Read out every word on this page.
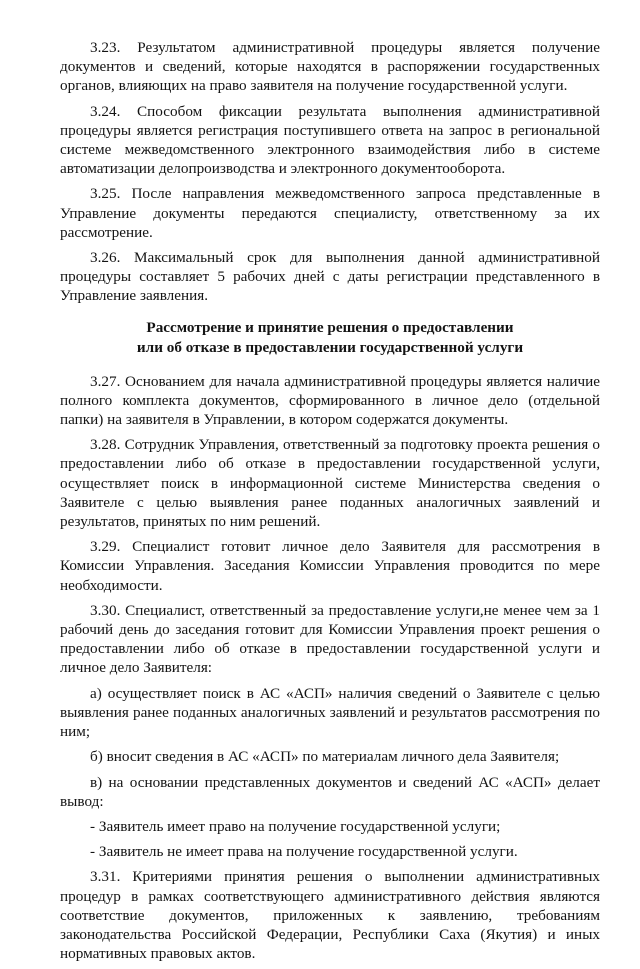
3.23. Результатом административной процедуры является получение документов и сведений, которые находятся в распоряжении государственных органов, влияющих на право заявителя на получение государственной услуги.

3.24. Способом фиксации результата выполнения административной процедуры является регистрация поступившего ответа на запрос в региональной системе межведомственного электронного взаимодействия либо в системе автоматизации делопроизводства и электронного документооборота.

3.25. После направления межведомственного запроса представленные в Управление документы передаются специалисту, ответственному за их рассмотрение.

3.26. Максимальный срок для выполнения данной административной процедуры составляет 5 рабочих дней с даты регистрации представленного в Управление заявления.

Рассмотрение и принятие решения о предоставлении
или об отказе в предоставлении государственной услуги

3.27. Основанием для начала административной процедуры является наличие полного комплекта документов, сформированного в личное дело (отдельной папки) на заявителя в Управлении, в котором содержатся документы.

3.28. Сотрудник Управления, ответственный за подготовку проекта решения о предоставлении либо об отказе в предоставлении государственной услуги, осуществляет поиск в информационной системе Министерства сведения о Заявителе с целью выявления ранее поданных аналогичных заявлений и результатов, принятых по ним решений.

3.29. Специалист готовит личное дело Заявителя для рассмотрения в Комиссии Управления. Заседания Комиссии Управления проводится по мере необходимости.

3.30. Специалист, ответственный за предоставление услуги,не менее чем за 1 рабочий день до заседания готовит для Комиссии Управления проект решения о предоставлении либо об отказе в предоставлении государственной услуги и личное дело Заявителя:

а) осуществляет поиск в АС «АСП» наличия сведений о Заявителе с целью выявления ранее поданных аналогичных заявлений и результатов рассмотрения по ним;

б) вносит сведения в АС «АСП» по материалам личного дела Заявителя;

в) на основании представленных документов и сведений АС «АСП» делает вывод:

- Заявитель имеет право на получение государственной услуги;

- Заявитель не имеет права на получение государственной услуги.

3.31. Критериями принятия решения о выполнении административных процедур в рамках соответствующего административного действия являются соответствие документов, приложенных к заявлению, требованиям законодательства Российской Федерации, Республики Саха (Якутия) и иных нормативных правовых актов.
